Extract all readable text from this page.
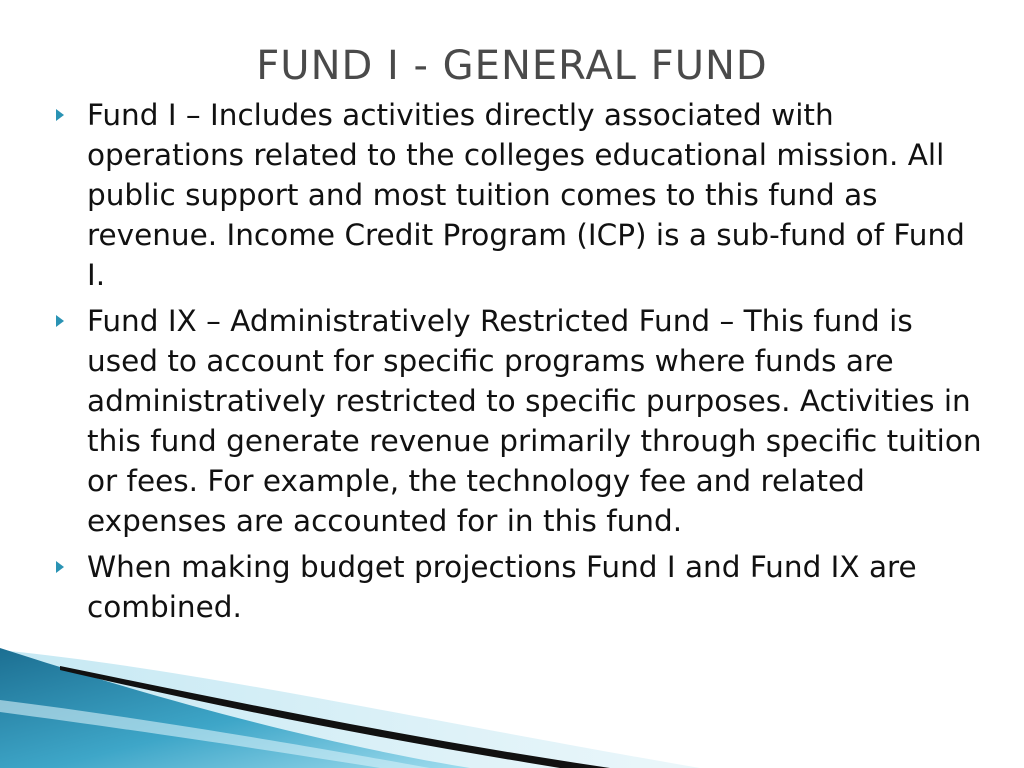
FUND I - GENERAL FUND
Fund I – Includes activities directly associated with operations related to the colleges educational mission. All public support and most tuition comes to this fund as revenue. Income Credit Program (ICP) is a sub-fund of Fund I.
Fund IX – Administratively Restricted Fund – This fund is used to account for specific programs where funds are administratively restricted to specific purposes. Activities in this fund generate revenue primarily through specific tuition or fees. For example, the technology fee and related expenses are accounted for in this fund.
When making budget projections Fund I and Fund IX are combined.
